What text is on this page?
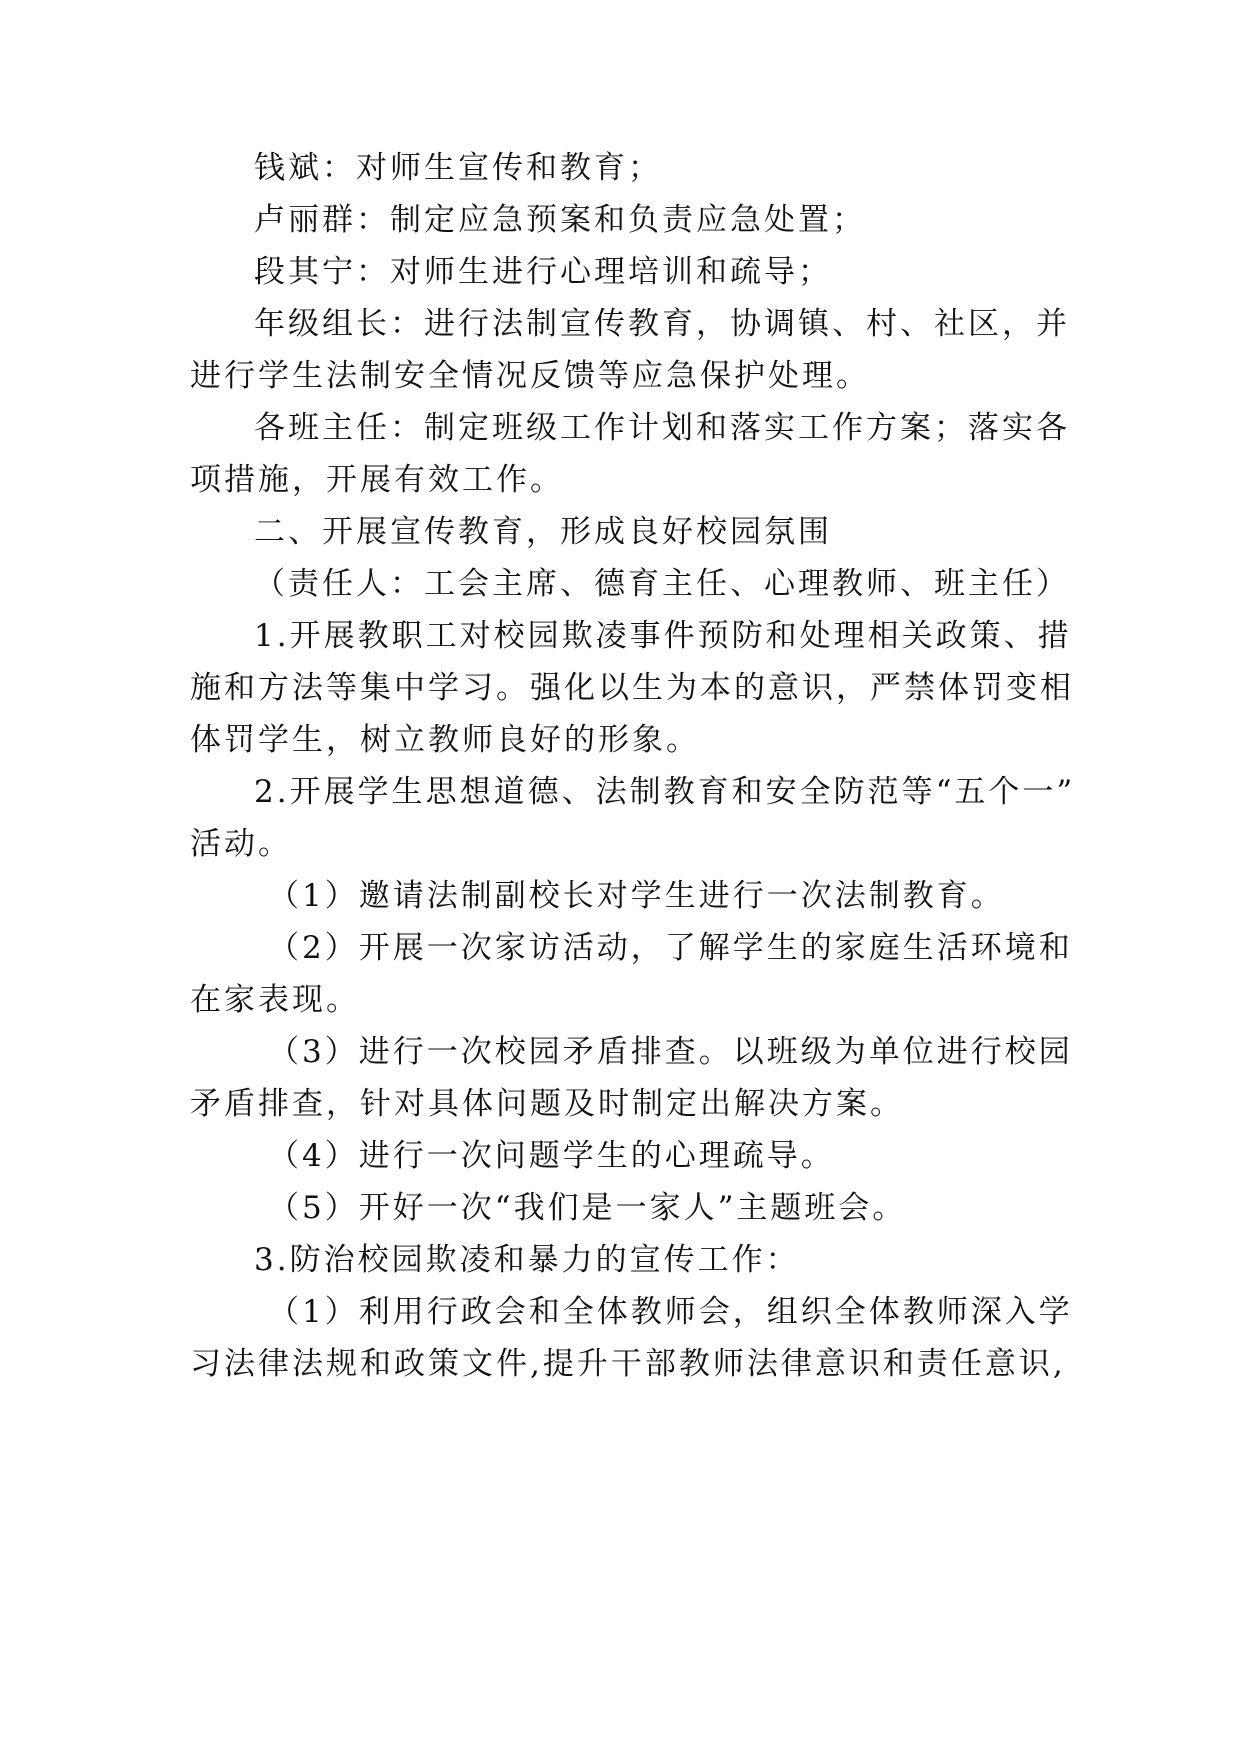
钱斌：对师生宣传和教育；
卢丽群：制定应急预案和负责应急处置；
段其宁：对师生进行心理培训和疏导；
年级组长：进行法制宣传教育，协调镇、村、社区，并
进行学生法制安全情况反馈等应急保护处理。
各班主任：制定班级工作计划和落实工作方案；落实各
项措施，开展有效工作。
二、开展宣传教育，形成良好校园氛围
（责任人：工会主席、德育主任、心理教师、班主任）
1.开展教职工对校园欺凌事件预防和处理相关政策、措
施和方法等集中学习。强化以生为本的意识，严禁体罚变相
体罚学生，树立教师良好的形象。
2.开展学生思想道德、法制教育和安全防范等“五个一”
活动。
（1）邀请法制副校长对学生进行一次法制教育。
（2）开展一次家访活动，了解学生的家庭生活环境和
在家表现。
（3）进行一次校园矛盾排查。以班级为单位进行校园
矛盾排查，针对具体问题及时制定出解决方案。
（4）进行一次问题学生的心理疏导。
（5）开好一次“我们是一家人”主题班会。
3.防治校园欺凌和暴力的宣传工作：
（1）利用行政会和全体教师会，组织全体教师深入学
习法律法规和政策文件,提升干部教师法律意识和责任意识,
